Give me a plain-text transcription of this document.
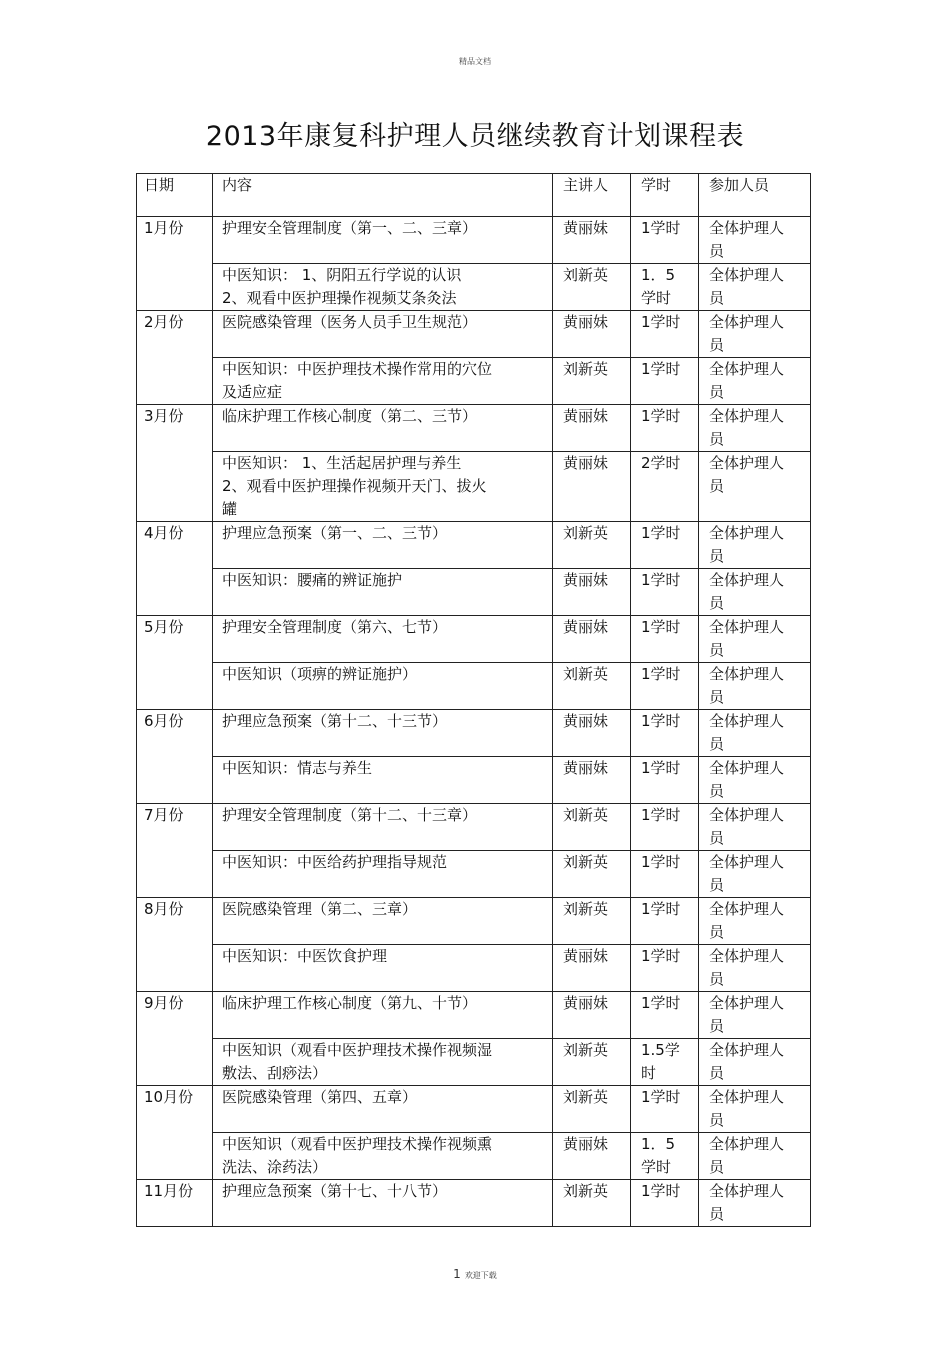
精品文档
2013年康复科护理人员继续教育计划课程表
日期	内容	主讲人	学时	参加人员
1月份	护理安全管理制度（第一、二、三章）	黄丽妹	1学时	全体护理人
员

	中医知识： 1、阴阳五行学说的认识
2、观看中医护理操作视频艾条灸法	刘新英	1．5
学时	全体护理人
员

2月份	医院感染管理（医务人员手卫生规范）	黄丽妹	1学时	全体护理人
员

	中医知识：中医护理技术操作常用的穴位
及适应症	刘新英	1学时	全体护理人
员

3月份	临床护理工作核心制度（第二、三节）	黄丽妹	1学时	全体护理人
员

	中医知识： 1、生活起居护理与养生
2、观看中医护理操作视频开天门、拔火
罐	黄丽妹	2学时	全体护理人
员

4月份	护理应急预案（第一、二、三节）	刘新英	1学时	全体护理人
员

	中医知识：腰痛的辨证施护	黄丽妹	1学时	全体护理人
员

5月份	护理安全管理制度（第六、七节）	黄丽妹	1学时	全体护理人
员

	中医知识（项痹的辨证施护）	刘新英	1学时	全体护理人
员

6月份	护理应急预案（第十二、十三节）	黄丽妹	1学时	全体护理人
员

	中医知识：情志与养生	黄丽妹	1学时	全体护理人
员

7月份	护理安全管理制度（第十二、十三章）	刘新英	1学时	全体护理人
员

	中医知识：中医给药护理指导规范	刘新英	1学时	全体护理人
员

8月份	医院感染管理（第二、三章）	刘新英	1学时	全体护理人
员

	中医知识：中医饮食护理	黄丽妹	1学时	全体护理人
员

9月份	临床护理工作核心制度（第九、十节）	黄丽妹	1学时	全体护理人
员

	中医知识（观看中医护理技术操作视频湿
敷法、刮痧法）	刘新英	1.5学
时	全体护理人
员

10月份	医院感染管理（第四、五章）	刘新英	1学时	全体护理人
员

	中医知识（观看中医护理技术操作视频熏
洗法、涂药法）	黄丽妹	1．5
学时	全体护理人
员

11月份	护理应急预案（第十七、十八节）	刘新英	1学时	全体护理人
员
1 欢迎下载
